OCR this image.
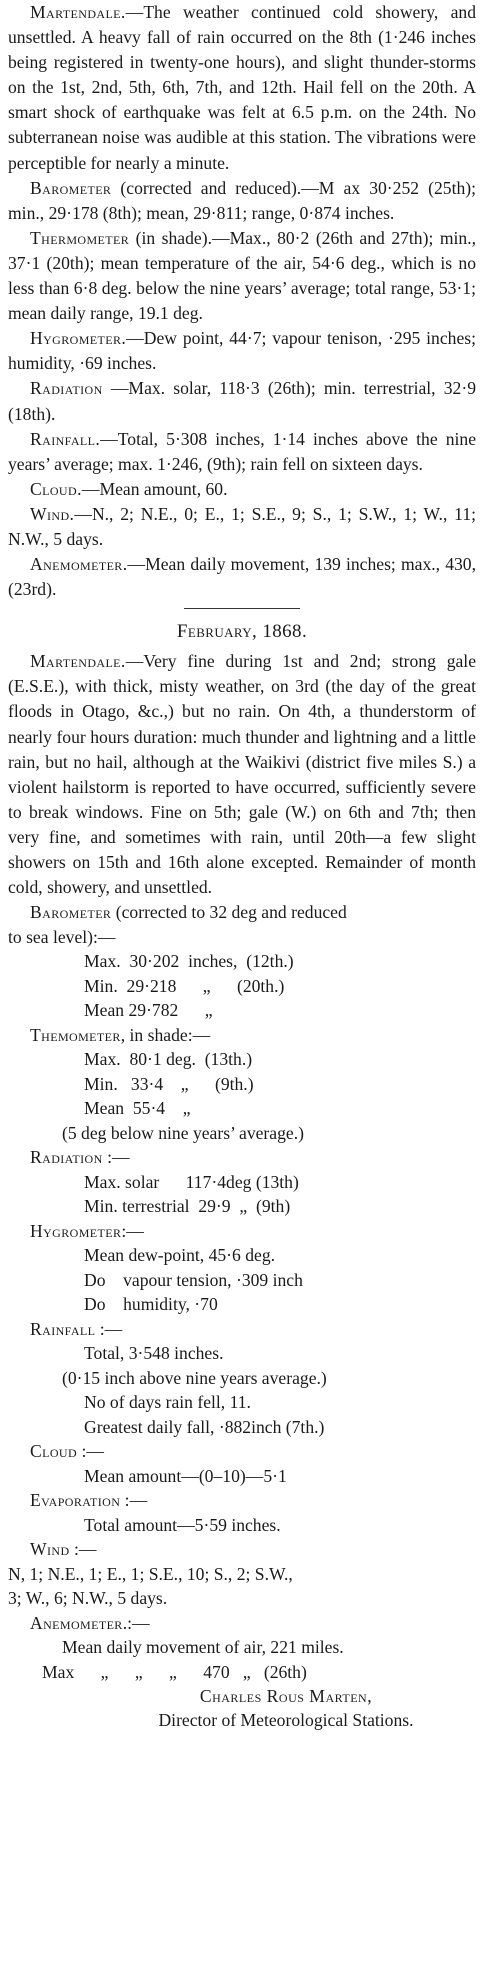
Martendale.—The weather continued cold showery, and unsettled. A heavy fall of rain occurred on the 8th (1·246 inches being registered in twenty-one hours), and slight thunder-storms on the 1st, 2nd, 5th, 6th, 7th, and 12th. Hail fell on the 20th. A smart shock of earthquake was felt at 6.5 p.m. on the 24th. No subterranean noise was audible at this station. The vibrations were perceptible for nearly a minute.

Barometer (corrected and reduced).—M ax 30·252 (25th); min., 29·178 (8th); mean, 29·811; range, 0·874 inches.

Thermometer (in shade).—Max., 80·2 (26th and 27th); min., 37·1 (20th); mean temperature of the air, 54·6 deg., which is no less than 6·8 deg. below the nine years’ average; total range, 53·1; mean daily range, 19.1 deg.

Hygrometer.—Dew point, 44·7; vapour tenison, ·295 inches; humidity, ·69 inches.

Radiation —Max. solar, 118·3 (26th); min. terrestrial, 32·9 (18th).

Rainfall.—Total, 5·308 inches, 1·14 inches above the nine years’ average; max. 1·246, (9th); rain fell on sixteen days.

Cloud.—Mean amount, 60.

Wind.—N., 2; N.E., 0; E., 1; S.E., 9; S., 1; S.W., 1; W., 11; N.W., 5 days.

Anemometer.—Mean daily movement, 139 inches; max., 430, (23rd).

February, 1868.

Martendale.—Very fine during 1st and 2nd; strong gale (E.S.E.), with thick, misty weather, on 3rd (the day of the great floods in Otago, &c.,) but no rain. On 4th, a thunderstorm of nearly four hours duration: much thunder and lightning and a little rain, but no hail, although at the Waikivi (district five miles S.) a violent hailstorm is reported to have occurred, sufficiently severe to break windows. Fine on 5th; gale (W.) on 6th and 7th; then very fine, and sometimes with rain, until 20th—a few slight showers on 15th and 16th alone excepted. Remainder of month cold, showery, and unsettled.

Barometer (corrected to 32 deg and reduced
to sea level):—
Max.  30·202  inches,  (12th.)
Min.  29·218      „      (20th.)
Mean 29·782      „
Themometer, in shade:—
Max.  80·1 deg.  (13th.)
Min.   33·4    „      (9th.)
Mean  55·4    „
(5 deg below nine years’ average.)
Radiation :—
Max. solar      117·4deg (13th)
Min. terrestrial  29·9  „  (9th)
Hygrometer:—
Mean dew-point, 45·6 deg.
Do    vapour tension, ·309 inch
Do    humidity, ·70
Rainfall :—
Total, 3·548 inches.
(0·15 inch above nine years average.)
No of days rain fell, 11.
Greatest daily fall, ·882inch (7th.)
Cloud :—
Mean amount—(0–10)—5·1
Evaporation :—
Total amount—5·59 inches.
Wind :—
N, 1; N.E., 1; E., 1; S.E., 10; S., 2; S.W.,
3; W., 6; N.W., 5 days.
Anemometer.:—
Mean daily movement of air, 221 miles.
Max      „      „      „      470   „   (26th)
Charles Rous Marten,
Director of Meteorological Stations.
